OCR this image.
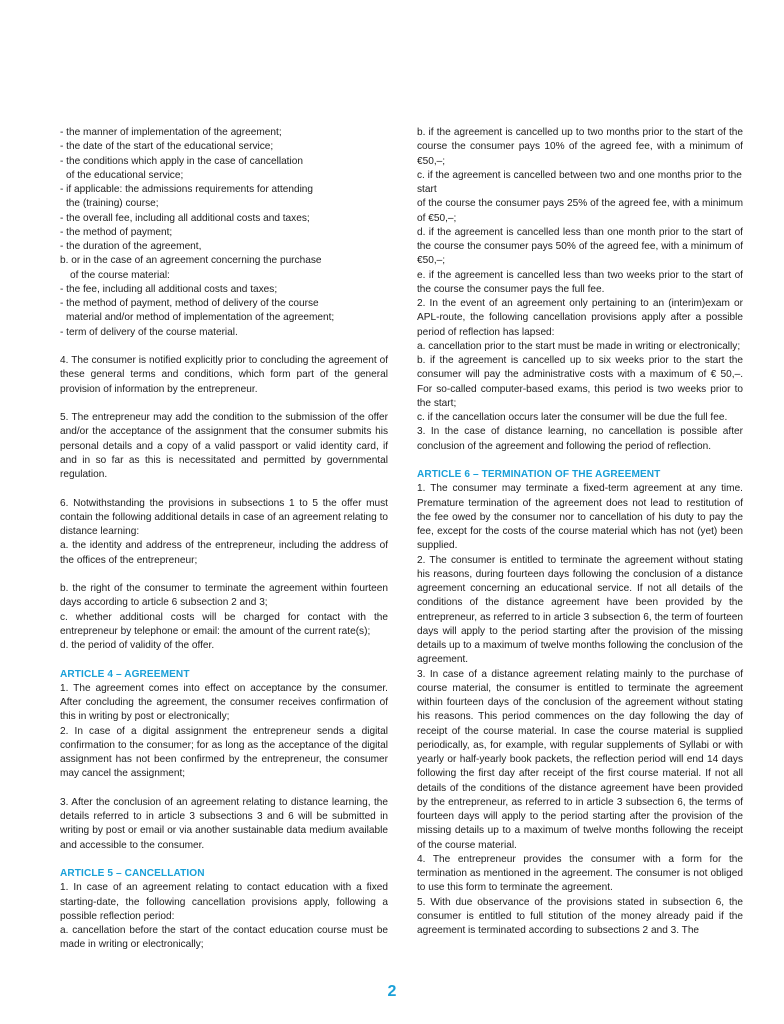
- the manner of implementation of the agreement;

- the date of the start of the educational service;

- the conditions which apply in the case of cancellation

of the educational service;

- if applicable: the admissions requirements for attending

the (training) course;

- the overall fee, including all additional costs and taxes;

- the method of payment;

- the duration of the agreement,

b. or in the case of an agreement concerning the purchase

of the course material:

- the fee, including all additional costs and taxes;

- the method of payment, method of delivery of the course

material and/or method of implementation of the agreement;

- term of delivery of the course material.

4. The consumer is notified explicitly prior to concluding the agreement of these general terms and conditions, which form part of the general provision of information by the entrepreneur.

5. The entrepreneur may add the condition to the submission of the offer and/or the acceptance of the assignment that the consumer submits his personal details and a copy of a valid passport or valid identity card, if and in so far as this is necessitated and permitted by governmental regulation.

6. Notwithstanding the provisions in subsections 1 to 5 the offer must contain the following additional details in case of an agreement relating to distance learning:

a. the identity and address of the entrepreneur, including the address of the offices of the entrepreneur;

b. the right of the consumer to terminate the agreement within fourteen days according to article 6 subsection 2 and 3;

c. whether additional costs will be charged for contact with the entrepreneur by telephone or email: the amount of the current rate(s);

d. the period of validity of the offer.

ARTICLE 4 – AGREEMENT

1. The agreement comes into effect on acceptance by the consumer. After concluding the agreement, the consumer receives confirmation of this in writing by post or electronically;

2. In case of a digital assignment the entrepreneur sends a digital confirmation to the consumer; for as long as the acceptance of the digital assignment has not been confirmed by the entrepreneur, the consumer may cancel the assignment;

3. After the conclusion of an agreement relating to distance learning, the details referred to in article 3 subsections 3 and 6 will be submitted in writing by post or email or via another sustainable data medium available and accessible to the consumer.

ARTICLE 5 – CANCELLATION

1. In case of an agreement relating to contact education with a fixed starting-date, the following cancellation provisions apply, following a possible reflection period:

a. cancellation before the start of the contact education course must be made in writing or electronically;

b. if the agreement is cancelled up to two months prior to the start of the course the consumer pays 10% of the agreed fee, with a minimum of €50,–;

c. if the agreement is cancelled between two and one months prior to the start

of the course the consumer pays 25% of the agreed fee, with a minimum of €50,–;

d. if the agreement is cancelled less than one month prior to the start of the course the consumer pays 50% of the agreed fee, with a minimum of €50,–;

e. if the agreement is cancelled less than two weeks prior to the start of the course the consumer pays the full fee.

2. In the event of an agreement only pertaining to an (interim)exam or APL-route, the following cancellation provisions apply after a possible period of reflection has lapsed:

a. cancellation prior to the start must be made in writing or electronically;

b. if the agreement is cancelled up to six weeks prior to the start the consumer will pay the administrative costs with a maximum of € 50,–. For so-called computer-based exams, this period is two weeks prior to the start;

c. if the cancellation occurs later the consumer will be due the full fee.

3. In the case of distance learning, no cancellation is possible after conclusion of the agreement and following the period of reflection.

ARTICLE 6 – TERMINATION OF THE AGREEMENT

1. The consumer may terminate a fixed-term agreement at any time. Premature termination of the agreement does not lead to restitution of the fee owed by the consumer nor to cancellation of his duty to pay the fee, except for the costs of the course material which has not (yet) been supplied.

2. The consumer is entitled to terminate the agreement without stating his reasons, during fourteen days following the conclusion of a distance agreement concerning an educational service. If not all details of the conditions of the distance agreement have been provided by the entrepreneur, as referred to in article 3 subsection 6, the term of fourteen days will apply to the period starting after the provision of the missing details up to a maximum of twelve months following the conclusion of the agreement.

3. In case of a distance agreement relating mainly to the purchase of course material, the consumer is entitled to terminate the agreement within fourteen days of the conclusion of the agreement without stating his reasons. This period commences on the day following the day of receipt of the course material. In case the course material is supplied periodically, as, for example, with regular supplements of Syllabi or with yearly or half-yearly book packets, the reflection period will end 14 days following the first day after receipt of the first course material. If not all details of the conditions of the distance agreement have been provided by the entrepreneur, as referred to in article 3 subsection 6, the terms of fourteen days will apply to the period starting after the provision of the missing details up to a maximum of twelve months following the receipt of the course material.

4. The entrepreneur provides the consumer with a form for the termination as mentioned in the agreement. The consumer is not obliged to use this form to terminate the agreement.

5. With due observance of the provisions stated in subsection 6, the consumer is entitled to full stitution of the money already paid if the agreement is terminated according to subsections 2 and 3. The

2
